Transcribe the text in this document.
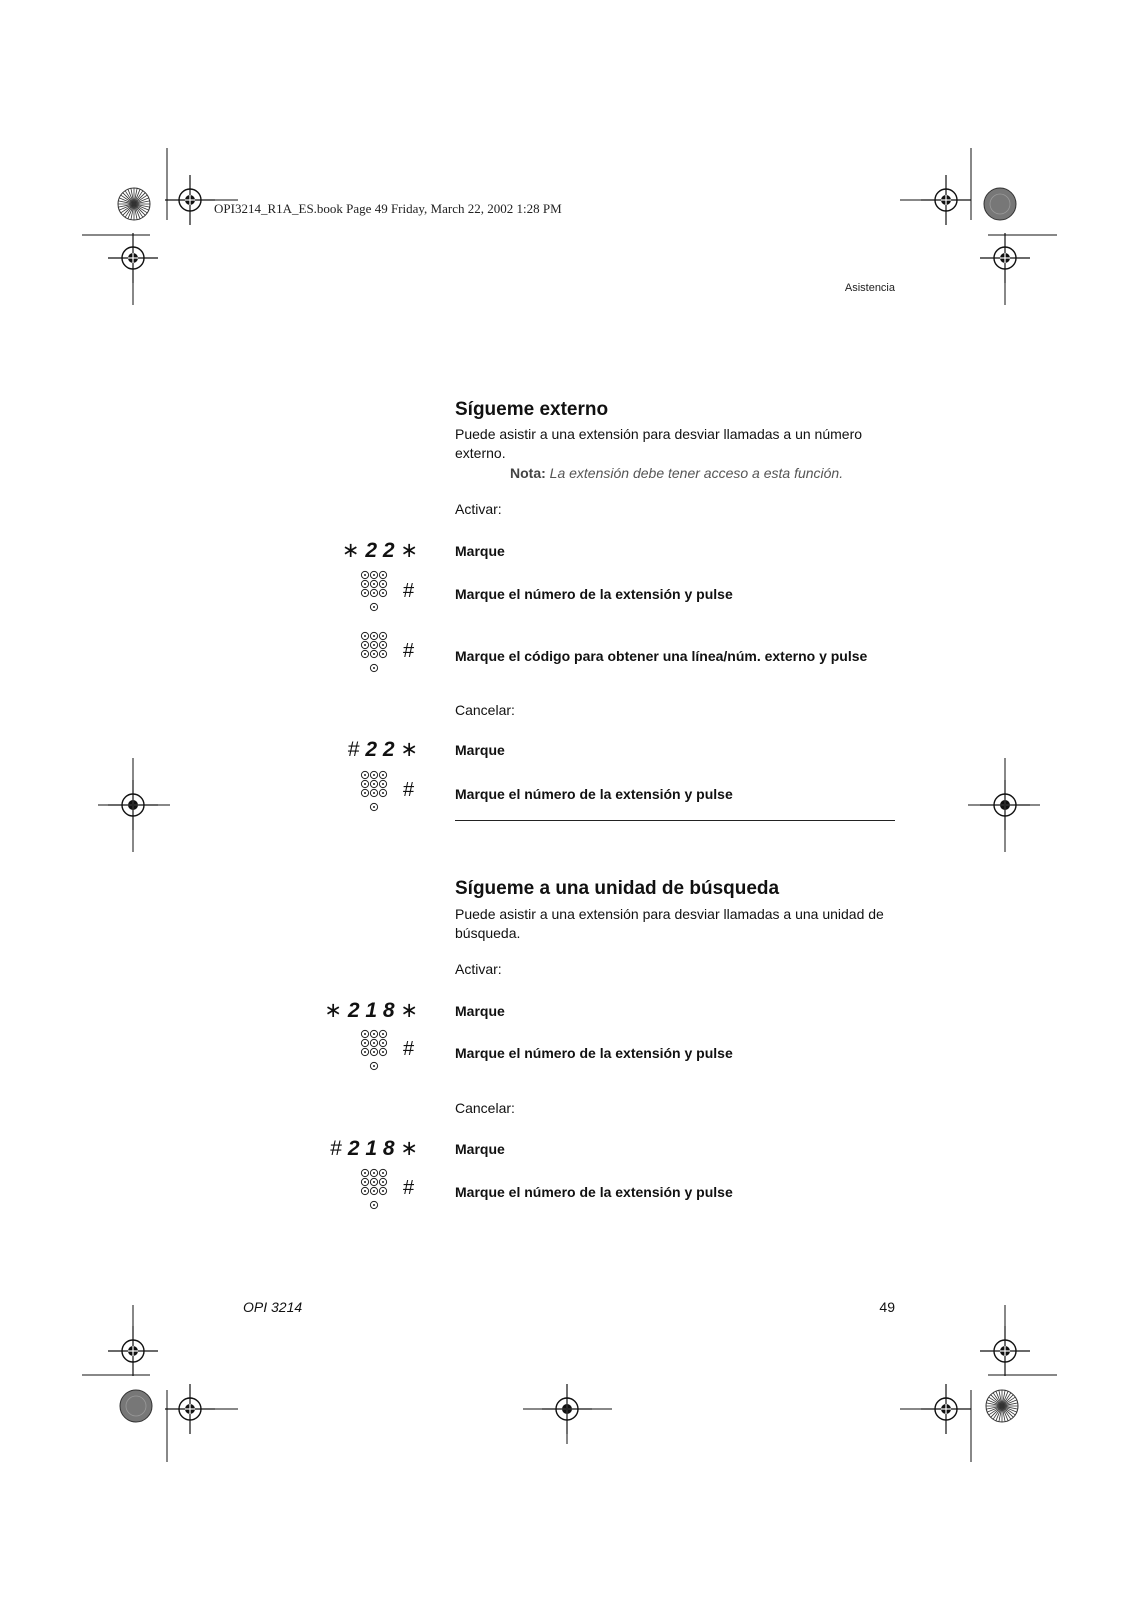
OPI3214_R1A_ES.book Page 49 Friday, March 22, 2002 1:28 PM
Asistencia
Sígueme externo
Puede asistir a una extensión para desviar llamadas a un número externo.
Nota: La extensión debe tener acceso a esta función.
Activar:
∗ 2 2 ∗	Marque
#	Marque el número de la extensión y pulse
#	Marque el código para obtener una línea/núm. externo y pulse
Cancelar:
# 2 2 ∗	Marque
#	Marque el número de la extensión y pulse
Sígueme a una unidad de búsqueda
Puede asistir a una extensión para desviar llamadas a una unidad de búsqueda.
Activar:
∗ 2 1 8 ∗	Marque
#	Marque el número de la extensión y pulse
Cancelar:
# 2 1 8 ∗	Marque
#	Marque el número de la extensión y pulse
OPI 3214	49
